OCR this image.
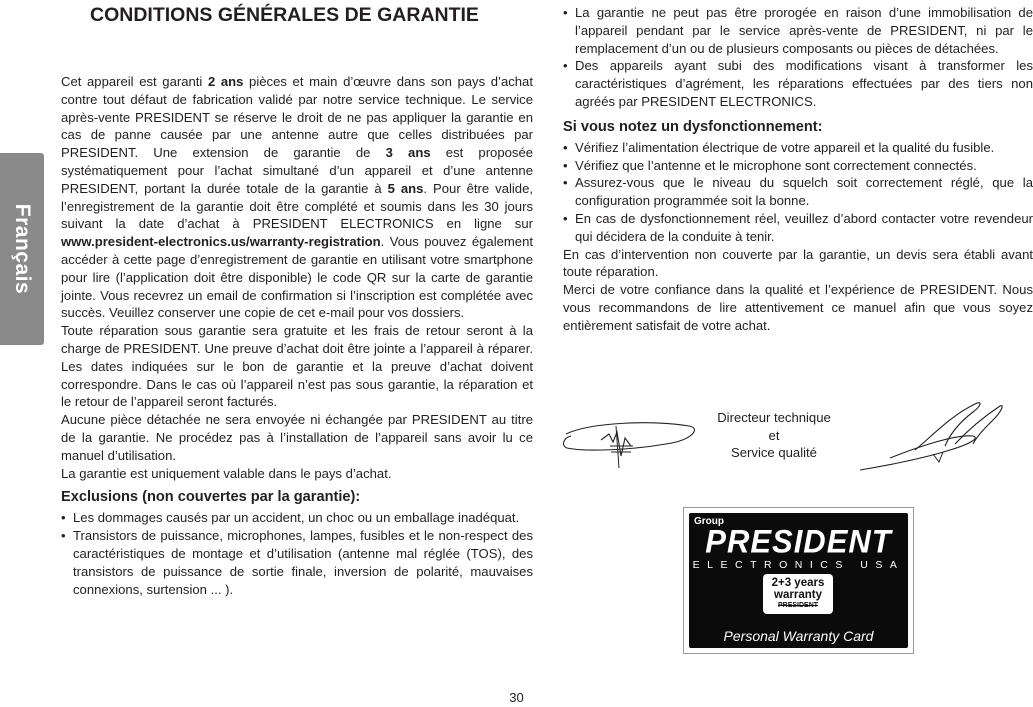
Français
CONDITIONS GÉNÉRALES DE GARANTIE

Cet appareil est garanti 2 ans pièces et main d’œuvre dans son pays d’achat contre tout défaut de fabrication validé par notre service technique. Le service après-vente PRESIDENT se réserve le droit de ne pas appliquer la garantie en cas de panne causée par une antenne autre que celles distribuées par PRESIDENT. Une extension de garantie de 3 ans est proposée systématiquement pour l’achat simultané d’un appareil et d’une antenne PRESIDENT, portant la durée totale de la garantie à 5 ans. Pour être valide, l’enregistrement de la garantie doit être complété et soumis dans les 30 jours suivant la date d’achat à PRESIDENT ELECTRONICS en ligne sur www.president-electronics.us/warranty-registration. Vous pouvez également accéder à cette page d’enregistrement de garantie en utilisant votre smartphone pour lire (l’application doit être disponible) le code QR sur la carte de garantie jointe. Vous recevrez un email de confirmation si l’inscription est complétée avec succès. Veuillez conserver une copie de cet e-mail pour vos dossiers.

Toute réparation sous garantie sera gratuite et les frais de retour seront à la charge de PRESIDENT. Une preuve d’achat doit être jointe a l’appareil à réparer. Les dates indiquées sur le bon de garantie et la preuve d’achat doivent correspondre. Dans le cas où l’appareil n’est pas sous garantie, la réparation et le retour de l’appareil seront facturés.

Aucune pièce détachée ne sera envoyée ni échangée par PRESIDENT au titre de la garantie. Ne procédez pas à l’installation de l’appareil sans avoir lu ce manuel d’utilisation.

La garantie est uniquement valable dans le pays d’achat.

Exclusions (non couvertes par la garantie):
• Les dommages causés par un accident, un choc ou un emballage inadéquat.
• Transistors de puissance, microphones, lampes, fusibles et le non-respect des caractéristiques de montage et d’utilisation (antenne mal réglée (TOS), des transistors de puissance de sortie finale, inversion de polarité, mauvaises connexions, surtension ... ).
• La garantie ne peut pas être prorogée en raison d’une immobilisation de l’appareil pendant par le service après-vente de PRESIDENT, ni par le remplacement d’un ou de plusieurs composants ou pièces de détachées.
• Des appareils ayant subi des modifications visant à transformer les caractéristiques d’agrément, les réparations effectuées par des tiers non agréés par PRESIDENT ELECTRONICS.
Si vous notez un dysfonctionnement:
• Vérifiez l’alimentation électrique de votre appareil et la qualité du fusible.
• Vérifiez que l’antenne et le microphone sont correctement connectés.
• Assurez-vous que le niveau du squelch soit correctement réglé, que la configuration programmée soit la bonne.
• En cas de dysfonctionnement réel, veuillez d’abord contacter votre revendeur qui décidera de la conduite à tenir.

En cas d’intervention non couverte par la garantie, un devis sera établi avant toute réparation.

Merci de votre confiance dans la qualité et l’expérience de PRESIDENT. Nous vous recommandons de lire attentivement ce manuel afin que vous soyez entièrement satisfait de votre achat.

Directeur technique
et
Service qualité
Group
PRESIDENT
ELECTRONICS USA
2+3 years
warranty
PRESIDENT
Personal Warranty Card
30
